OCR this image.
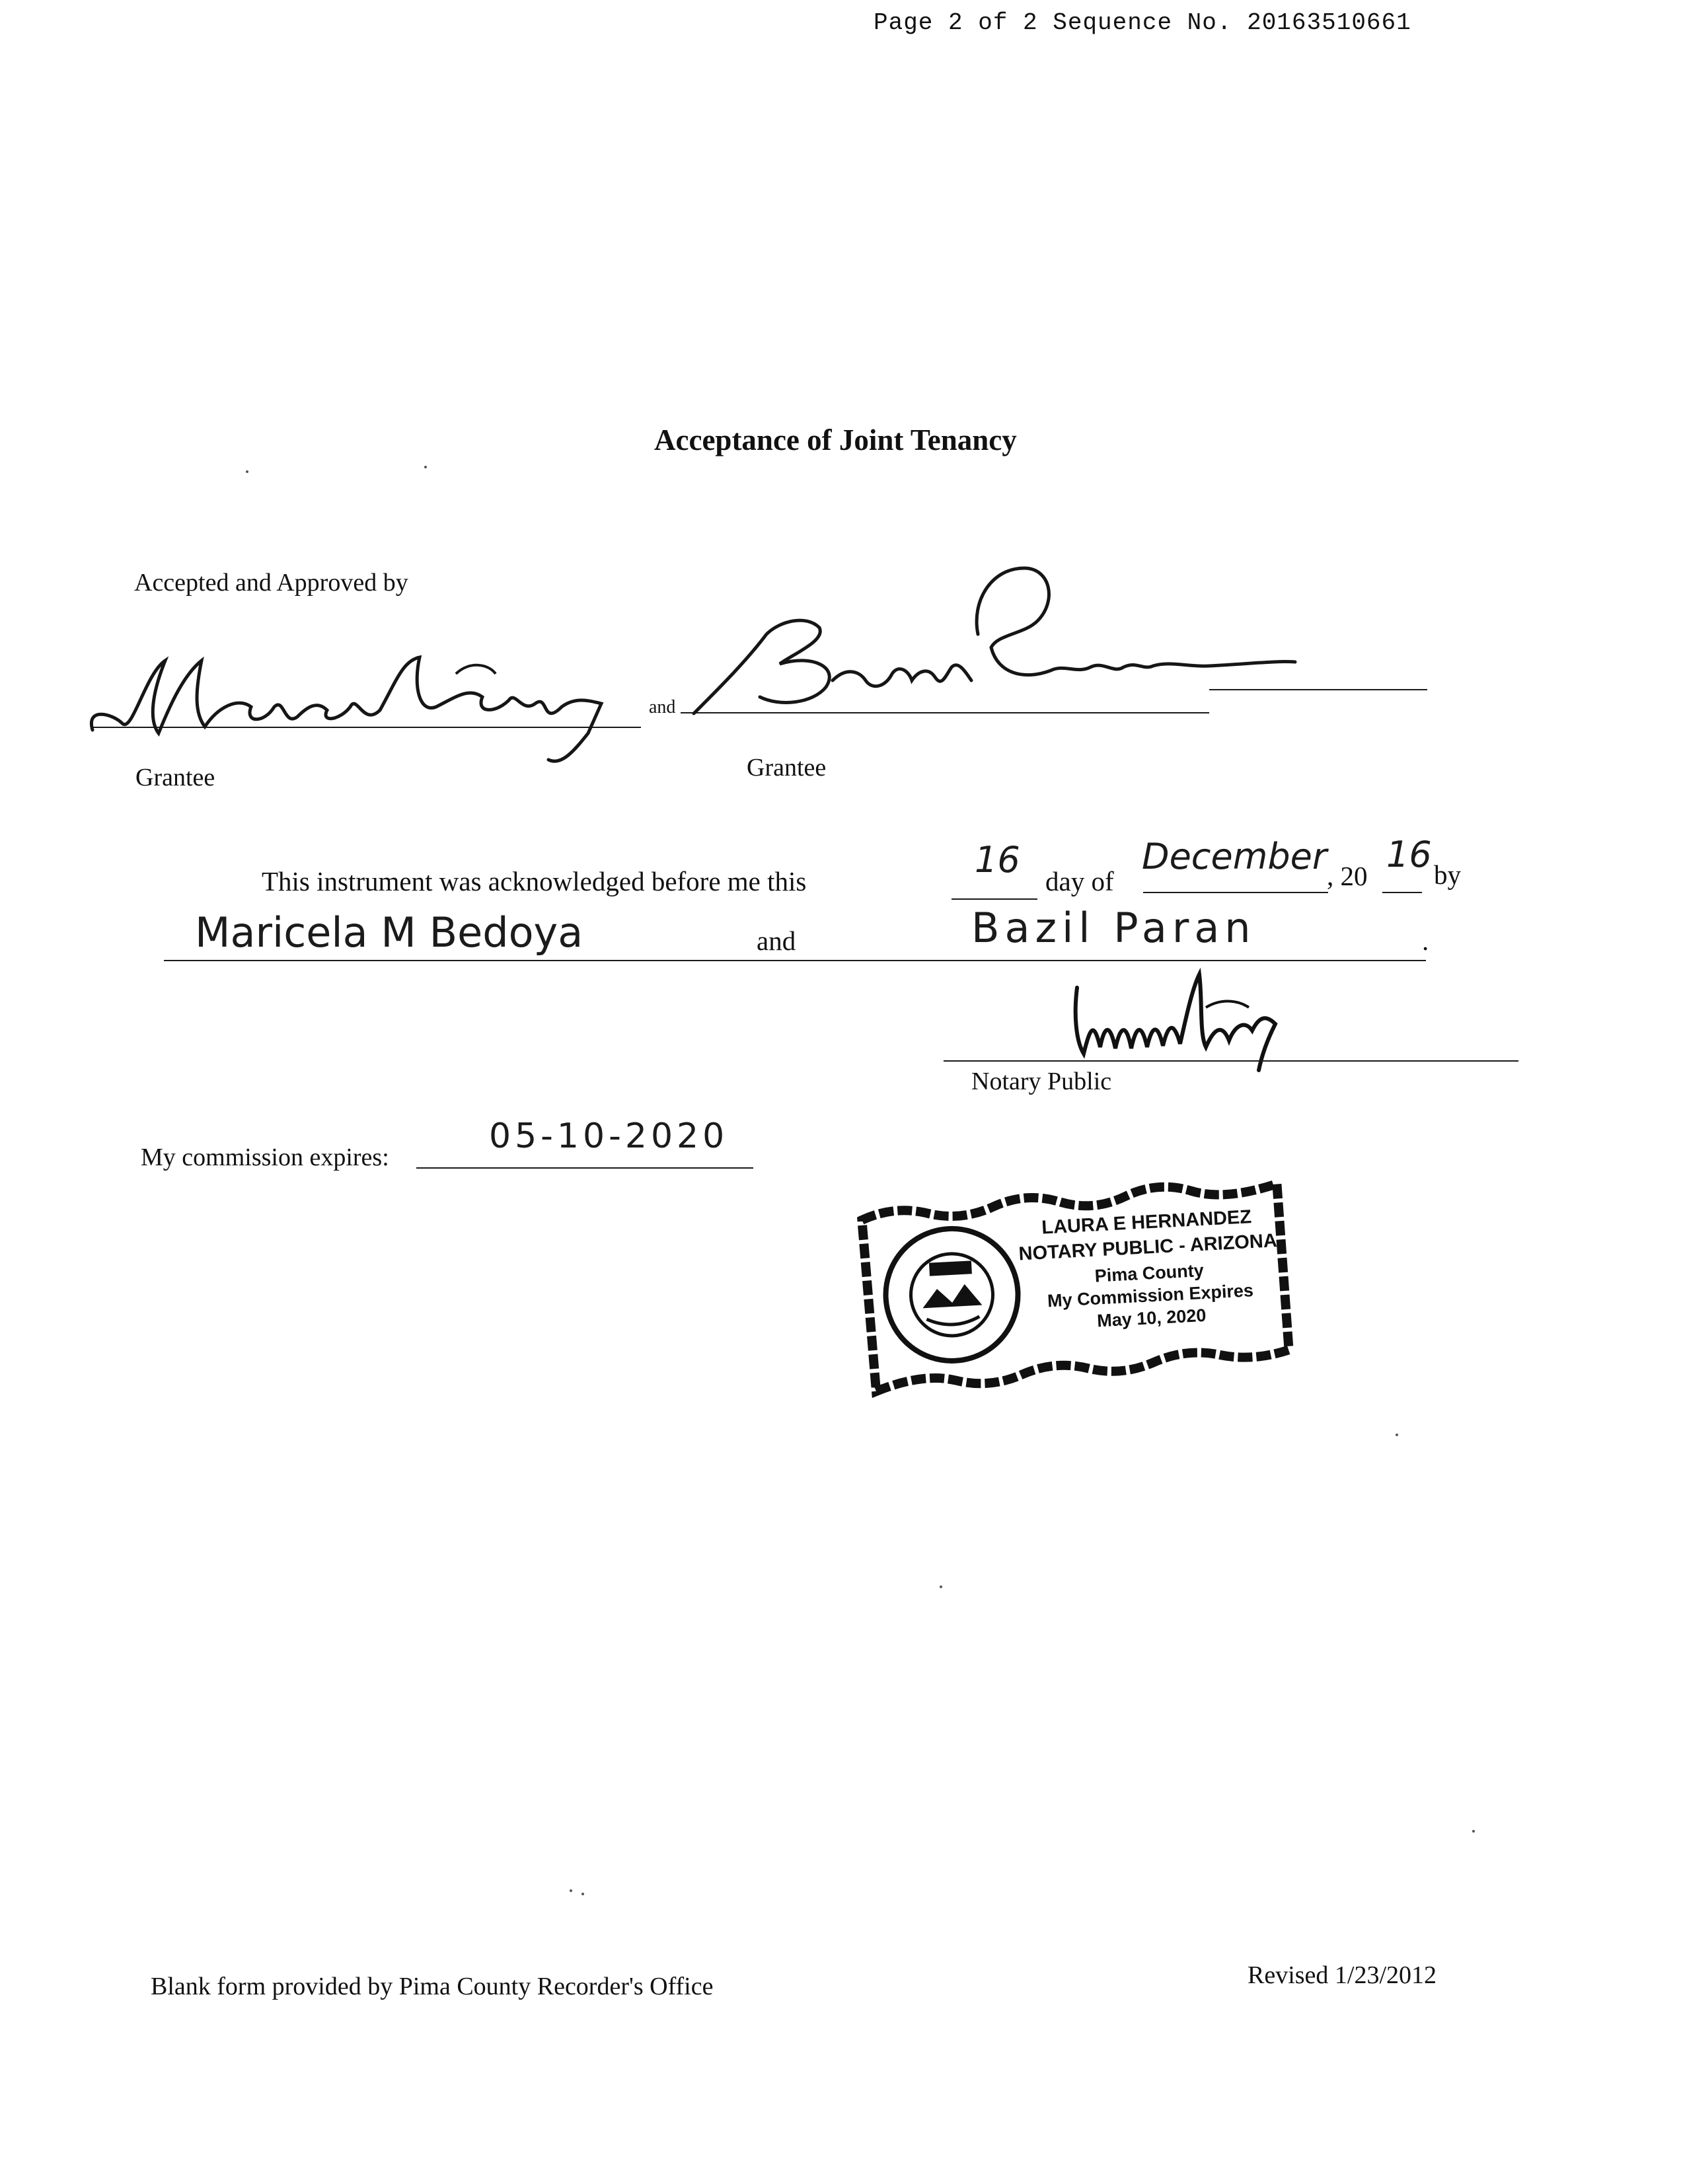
Page 2 of 2 Sequence No. 20163510661
Acceptance of Joint Tenancy
Accepted and Approved by
and
Grantee	Grantee
This instrument was acknowledged before me this
16
day of
December , 20
16 by
Maricela M Bedoya	and	Bazil Paran	.
Notary Public
My commission expires:
05-10-2020
LAURA E HERNANDEZ
NOTARY PUBLIC - ARIZONA
Pima County
My Commission Expires
May 10, 2020
Blank form provided by Pima County Recorder's Office	Revised 1/23/2012
